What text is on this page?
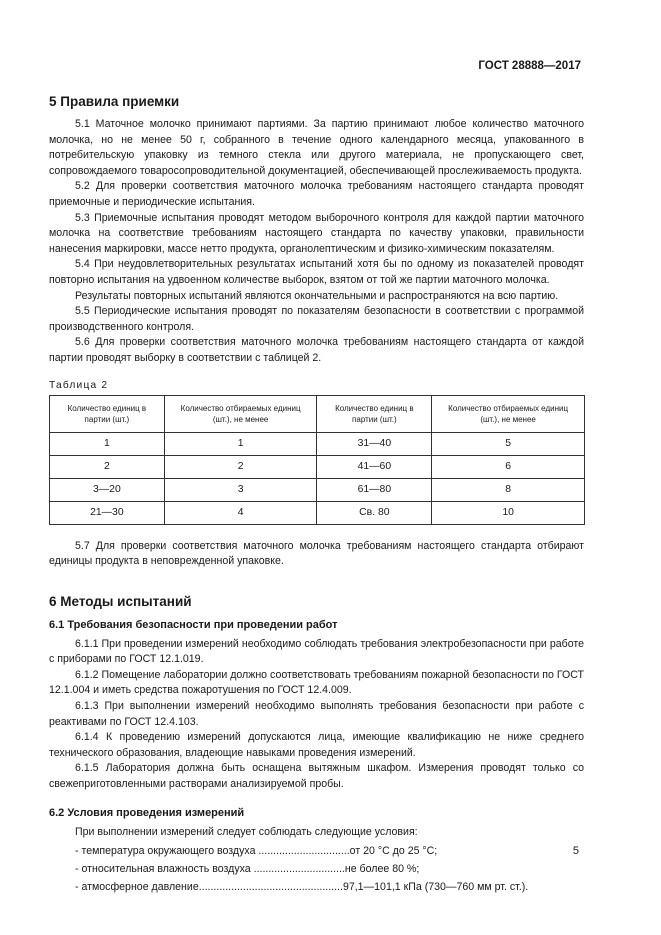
ГОСТ 28888—2017
5 Правила приемки

5.1 Маточное молочко принимают партиями. За партию принимают любое количество маточного молочка, но не менее 50 г, собранного в течение одного календарного месяца, упакованного в потребительскую упаковку из темного стекла или другого материала, не пропускающего свет, сопровождаемого товаросопроводительной документацией, обеспечивающей прослеживаемость продукта.

5.2 Для проверки соответствия маточного молочка требованиям настоящего стандарта проводят приемочные и периодические испытания.

5.3 Приемочные испытания проводят методом выборочного контроля для каждой партии маточного молочка на соответствие требованиям настоящего стандарта по качеству упаковки, правильности нанесения маркировки, массе нетто продукта, органолептическим и физико-химическим показателям.

5.4 При неудовлетворительных результатах испытаний хотя бы по одному из показателей проводят повторно испытания на удвоенном количестве выборок, взятом от той же партии маточного молочка.

Результаты повторных испытаний являются окончательными и распространяются на всю партию.

5.5 Периодические испытания проводят по показателям безопасности в соответствии с программой производственного контроля.

5.6 Для проверки соответствия маточного молочка требованиям настоящего стандарта от каждой партии проводят выборку в соответствии с таблицей 2.

Таблица 2
Количество единиц в партии (шт.)	Количество отбираемых единиц (шт.), не менее	Количество единиц в партии (шт.)	Количество отбираемых единиц (шт.), не менее
1	1	31—40	5
2	2	41—60	6
3—20	3	61—80	8
21—30	4	Св. 80	10

5.7 Для проверки соответствия маточного молочка требованиям настоящего стандарта отбирают единицы продукта в неповрежденной упаковке.

6 Методы испытаний
6.1 Требования безопасности при проведении работ

6.1.1 При проведении измерений необходимо соблюдать требования электробезопасности при работе с приборами по ГОСТ 12.1.019.

6.1.2 Помещение лаборатории должно соответствовать требованиям пожарной безопасности по ГОСТ 12.1.004 и иметь средства пожаротушения по ГОСТ 12.4.009.

6.1.3 При выполнении измерений необходимо выполнять требования безопасности при работе с реактивами по ГОСТ 12.4.103.

6.1.4 К проведению измерений допускаются лица, имеющие квалификацию не ниже среднего технического образования, владеющие навыками проведения измерений.

6.1.5 Лаборатория должна быть оснащена вытяжным шкафом. Измерения проводят только со свежеприготовленными растворами анализируемой пробы.

6.2 Условия проведения измерений

При выполнении измерений следует соблюдать следующие условия:

- температура окружающего воздуха ...............................от 20 °С до 25 °С;
- относительная влажность воздуха ...............................не более 80 %;
- атмосферное давление.................................................97,1—101,1 кПа (730—760 мм рт. ст.).
5
